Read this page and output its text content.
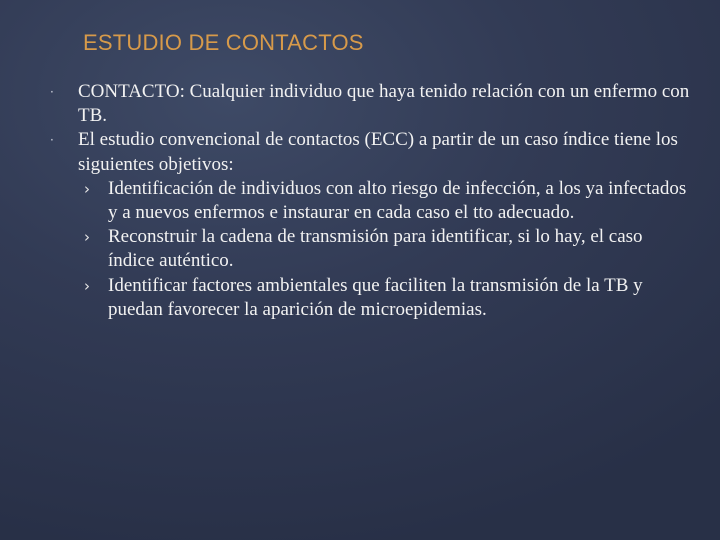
ESTUDIO DE CONTACTOS
·	CONTACTO: Cualquier individuo que haya tenido relación con un enfermo con TB.
·	El estudio convencional de contactos (ECC) a partir de un caso índice tiene los siguientes objetivos:
› Identificación de individuos con alto riesgo de infección, a los ya infectados y a nuevos enfermos e instaurar en cada caso el tto adecuado.
› Reconstruir la cadena de transmisión para identificar, si lo hay, el caso índice auténtico.
› Identificar factores ambientales que faciliten la transmisión de la TB y puedan favorecer la aparición de microepidemias.
